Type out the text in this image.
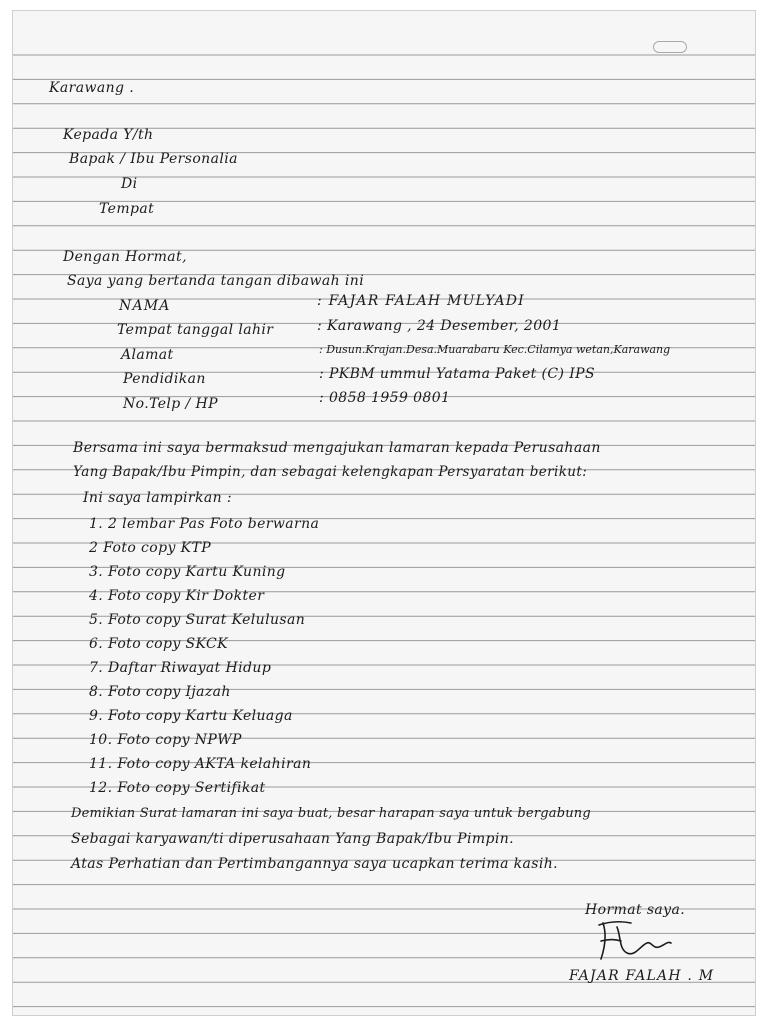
Karawang .
Kepada Y/th
Bapak / Ibu Personalia
Di
Tempat
Dengan Hormat,
Saya yang bertanda tangan dibawah ini
NAMA	: FAJAR FALAH MULYADI
Tempat tanggal lahir	: Karawang , 24 Desember, 2001
Alamat	: Dusun.Krajan.Desa.Muarabaru Kec.Cilamya wetan,Karawang
Pendidikan	: PKBM ummul Yatama Paket (C) IPS
No.Telp / HP	: 0858 1959 0801
Bersama ini saya bermaksud mengajukan lamaran kepada Perusahaan
Yang Bapak/Ibu Pimpin, dan sebagai kelengkapan Persyaratan berikut:
Ini saya lampirkan :
1. 2 lembar Pas Foto berwarna
2 Foto copy KTP
3. Foto copy Kartu Kuning
4. Foto copy Kir Dokter
5. Foto copy Surat Kelulusan
6. Foto copy SKCK
7. Daftar Riwayat Hidup
8. Foto copy Ijazah
9. Foto copy Kartu Keluaga
10. Foto copy NPWP
11. Foto copy AKTA kelahiran
12. Foto copy Sertifikat
Demikian Surat lamaran ini saya buat, besar harapan saya untuk bergabung
Sebagai karyawan/ti diperusahaan Yang Bapak/Ibu Pimpin.
Atas Perhatian dan Pertimbangannya saya ucapkan terima kasih.
Hormat saya.
FAJAR FALAH . M
